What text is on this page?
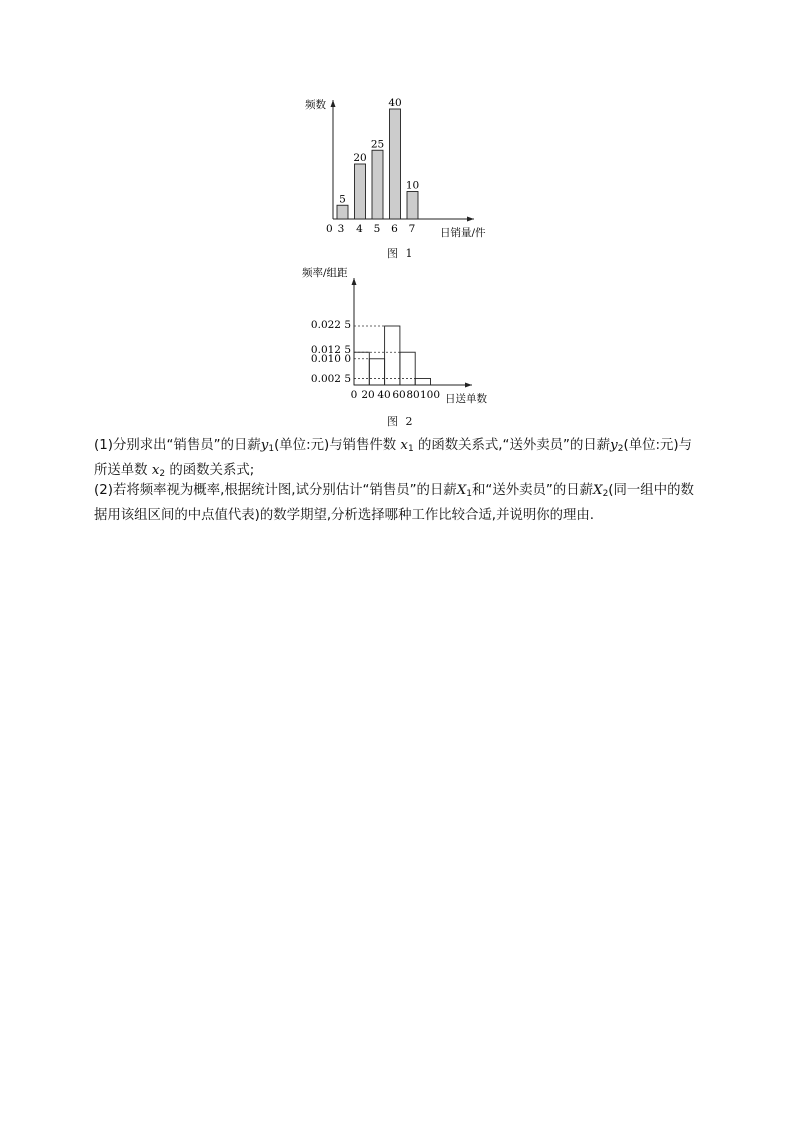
5
3
20
4
25
5
40
6
10
7
频数
日销量/件
0
图 1
0.022 5
0.012 5
0.010 0
0.002 5
0 20 40 60 80 100
频率/组距
日送单数
图 2
(1)分别求出“销售员”的日薪$y_1$(单位:元)与销售件数 $x_1$ 的函数关系式,“送外卖员”的日薪$y_2$(单位:元)与所送单数 $x_2$ 的函数关系式;
(2)若将频率视为概率,根据统计图,试分别估计“销售员”的日薪$X_1$和“送外卖员”的日薪$X_2$(同一组中的数据用该组区间的中点值代表)的数学期望,分析选择哪种工作比较合适,并说明你的理由.
